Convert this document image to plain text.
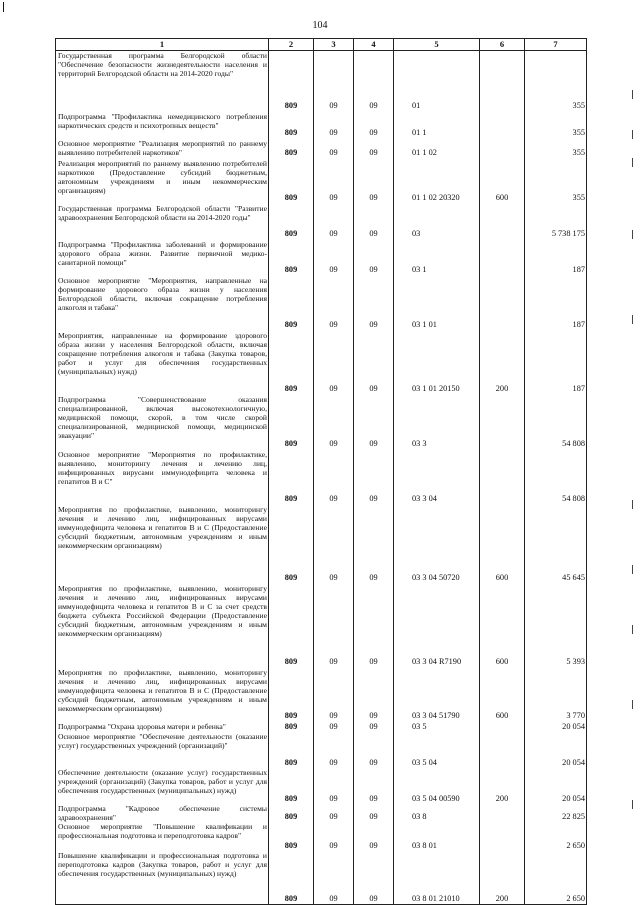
104
1	2	3	4	5	6	7
Государственная программа Белгородской области "Обеспечение безопасности жизнедеятельности населения и территорий Белгородской области на 2014-2020 годы"	809	09	09	01		355
Подпрограмма "Профилактика немедицинского потребления наркотических средств и психотропных веществ"	809	09	09	01 1		355
Основное мероприятие "Реализация мероприятий по раннему выявлению потребителей наркотиков"	809	09	09	01 1 02		355
Реализация мероприятий по раннему выявлению потребителей наркотиков (Предоставление субсидий бюджетным, автономным учреждениям и иным некоммерческим организациям)	809	09	09	01 1 02 20320	600	355
Государственная программа Белгородской области "Развитие здравоохранения Белгородской области на 2014-2020 годы"	809	09	09	03		5 738 175
Подпрограмма "Профилактика заболеваний и формирование здорового образа жизни. Развитие первичной медико-санитарной помощи"	809	09	09	03 1		187
Основное мероприятие "Мероприятия, направленные на формирование здорового образа жизни у населения Белгородской области, включая сокращение потребления алкоголя и табака"	809	09	09	03 1 01		187
Мероприятия, направленные на формирование здорового образа жизни у населения Белгородской области, включая сокращение потребления алкоголя и табака (Закупка товаров, работ и услуг для обеспечения государственных (муниципальных) нужд)	809	09	09	03 1 01 20150	200	187
Подпрограмма "Совершенствование оказания специализированной, включая высокотехнологичную, медицинской помощи, скорой, в том числе скорой специализированной, медицинской помощи, медицинской эвакуации"	809	09	09	03 3		54 808
Основное мероприятие "Мероприятия по профилактике, выявлению, мониторингу лечения и лечению лиц, инфицированных вирусами иммунодефицита человека и гепатитов B и C"	809	09	09	03 3 04		54 808
Мероприятия по профилактике, выявлению, мониторингу лечения и лечению лиц, инфицированных вирусами иммунодефицита человека и гепатитов B и C (Предоставление субсидий бюджетным, автономным учреждениям и иным некоммерческим организациям)	809	09	09	03 3 04 50720	600	45 645
Мероприятия по профилактике, выявлению, мониторингу лечения и лечению лиц, инфицированных вирусами иммунодефицита человека и гепатитов B и C за счет средств бюджета субъекта Российской Федерации (Предоставление субсидий бюджетным, автономным учреждениям и иным некоммерческим организациям)	809	09	09	03 3 04 R7190	600	5 393
Мероприятия по профилактике, выявлению, мониторингу лечения и лечению лиц, инфицированных вирусами иммунодефицита человека и гепатитов B и C (Предоставление субсидий бюджетным, автономным учреждениям и иным некоммерческим организациям)	809	09	09	03 3 04 51790	600	3 770
Подпрограмма "Охрана здоровья матери и ребенка"	809	09	09	03 5		20 054
Основное мероприятие "Обеспечение деятельности (оказание услуг) государственных учреждений (организаций)"	809	09	09	03 5 04		20 054
Обеспечение деятельности (оказание услуг) государственных учреждений (организаций) (Закупка товаров, работ и услуг для обеспечения государственных (муниципальных) нужд)	809	09	09	03 5 04 00590	200	20 054
Подпрограмма "Кадровое обеспечение системы здравоохранения"	809	09	09	03 8		22 825
Основное мероприятие "Повышение квалификации и профессиональная подготовка и переподготовка кадров"	809	09	09	03 8 01		2 650
Повышение квалификации и профессиональная подготовка и переподготовка кадров (Закупка товаров, работ и услуг для обеспечения государственных (муниципальных) нужд)	809	09	09	03 8 01 21010	200	2 650
